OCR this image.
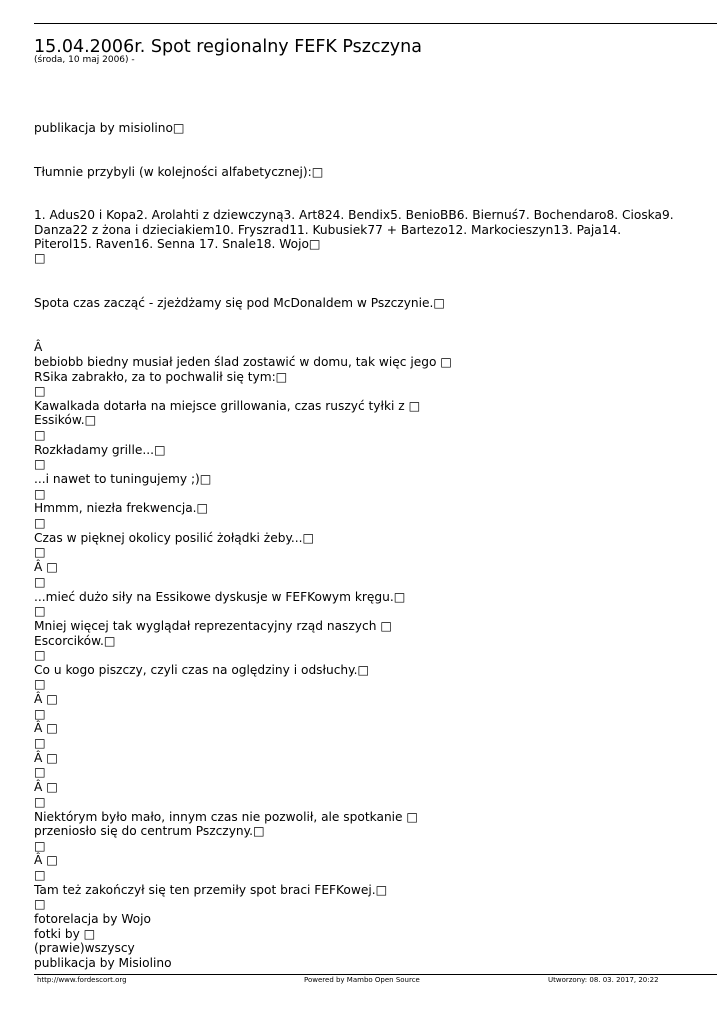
15.04.2006r. Spot regionalny FEFK Pszczyna
(środa, 10 maj 2006) -
publikacja by misiolino□
Tłumnie przybyli (w kolejności alfabetycznej):□
1. Adus20 i Kopa2. Arolahti z dziewczyną3. Art824. Bendix5. BenioBB6. Biernuś7. Bochendaro8. Cioska9.
Danza22 z żona i dzieciakiem10. Fryszrad11. Kubusiek77 + Bartezo12. Markocieszyn13. Paja14.
Piterol15. Raven16. Senna 17. Snale18. Wojo□
□
Spota czas zacząć - zjeżdżamy się pod McDonaldem w Pszczynie.□
Â
bebiobb biedny musiał jeden ślad zostawić w domu, tak więc jego □
RSika zabrakło, za to pochwalił się tym:□
□
Kawalkada dotarła na miejsce grillowania, czas ruszyć tyłki z □
Essików.□
□
Rozkładamy grille...□
□
...i nawet to tuningujemy ;)□
□
Hmmm, niezła frekwencja.□
□
Czas w pięknej okolicy posilić żołądki żeby...□
□
Â □
□
...mieć dużo siły na Essikowe dyskusje w FEFKowym kręgu.□
□
Mniej więcej tak wyglądał reprezentacyjny rząd naszych □
Escorcików.□
□
Co u kogo piszczy, czyli czas na oględziny i odsłuchy.□
□
Â □
□
Â □
□
Â □
□
Â □
□
Niektórym było mało, innym czas nie pozwolił, ale spotkanie □
przeniosło się do centrum Pszczyny.□
□
Â □
□
Tam też zakończył się ten przemiły spot braci FEFKowej.□
□
fotorelacja by Wojo
fotki by □
(prawie)wszyscy
publikacja by Misiolino
http://www.fordescort.org	Powered by Mambo Open Source	Utworzony: 08. 03. 2017, 20:22
